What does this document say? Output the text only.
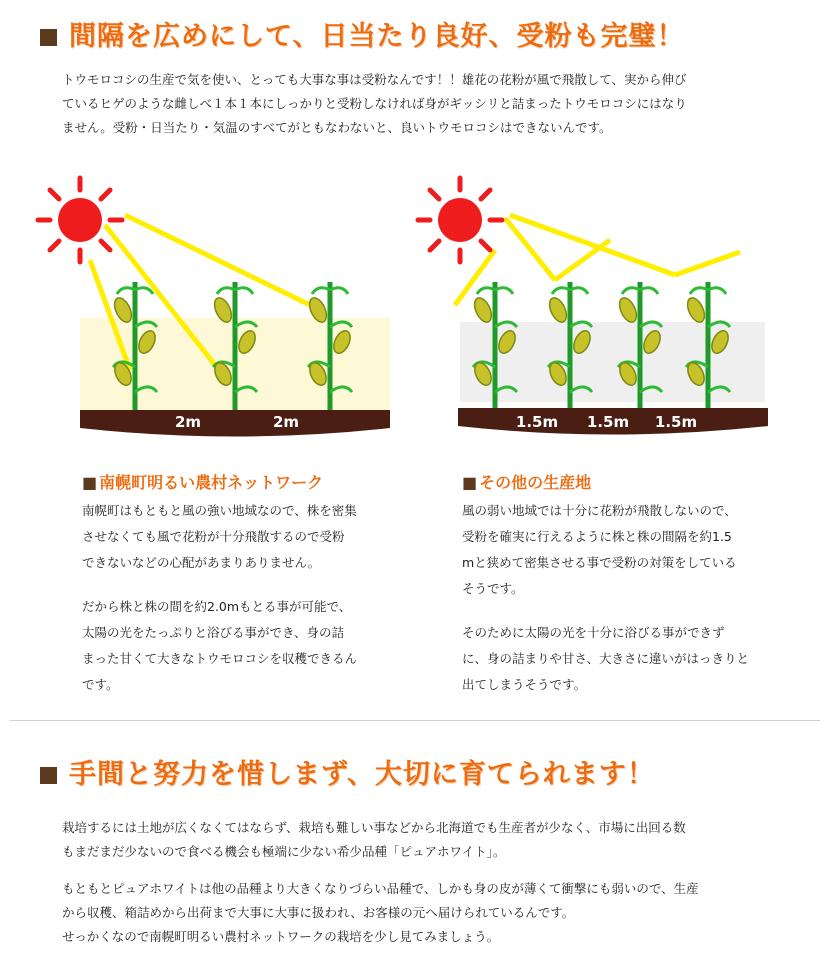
間隔を広めにして、日当たり良好、受粉も完璧！
トウモロコシの生産で気を使い、とっても大事な事は受粉なんです！！雄花の花粉が風で飛散して、実から伸び
ているヒゲのような雌しべ１本１本にしっかりと受粉しなければ身がギッシリと詰まったトウモロコシにはなり
ません。受粉・日当たり・気温のすべてがともなわないと、良いトウモロコシはできないんです。
2m	2m	1.5m 1.5m 1.5m
■ 南幌町明るい農村ネットワーク
南幌町はもともと風の強い地域なので、株を密集
させなくても風で花粉が十分飛散するので受粉
できないなどの心配があまりありません。
だから株と株の間を約2.0mもとる事が可能で、
太陽の光をたっぷりと浴びる事ができ、身の詰
まった甘くて大きなトウモロコシを収穫できるん
です。
■ その他の生産地
風の弱い地域では十分に花粉が飛散しないので、
受粉を確実に行えるように株と株の間隔を約1.5
mと狭めて密集させる事で受粉の対策をしている
そうです。
そのために太陽の光を十分に浴びる事ができず
に、身の詰まりや甘さ、大きさに違いがはっきりと
出てしまうそうです。
手間と努力を惜しまず、大切に育てられます！
栽培するには土地が広くなくてはならず、栽培も難しい事などから北海道でも生産者が少なく、市場に出回る数
もまだまだ少ないので食べる機会も極端に少ない希少品種「ピュアホワイト」。
もともとピュアホワイトは他の品種より大きくなりづらい品種で、しかも身の皮が薄くて衝撃にも弱いので、生産
から収穫、箱詰めから出荷まで大事に大事に扱われ、お客様の元へ届けられているんです。
せっかくなので南幌町明るい農村ネットワークの栽培を少し見てみましょう。
